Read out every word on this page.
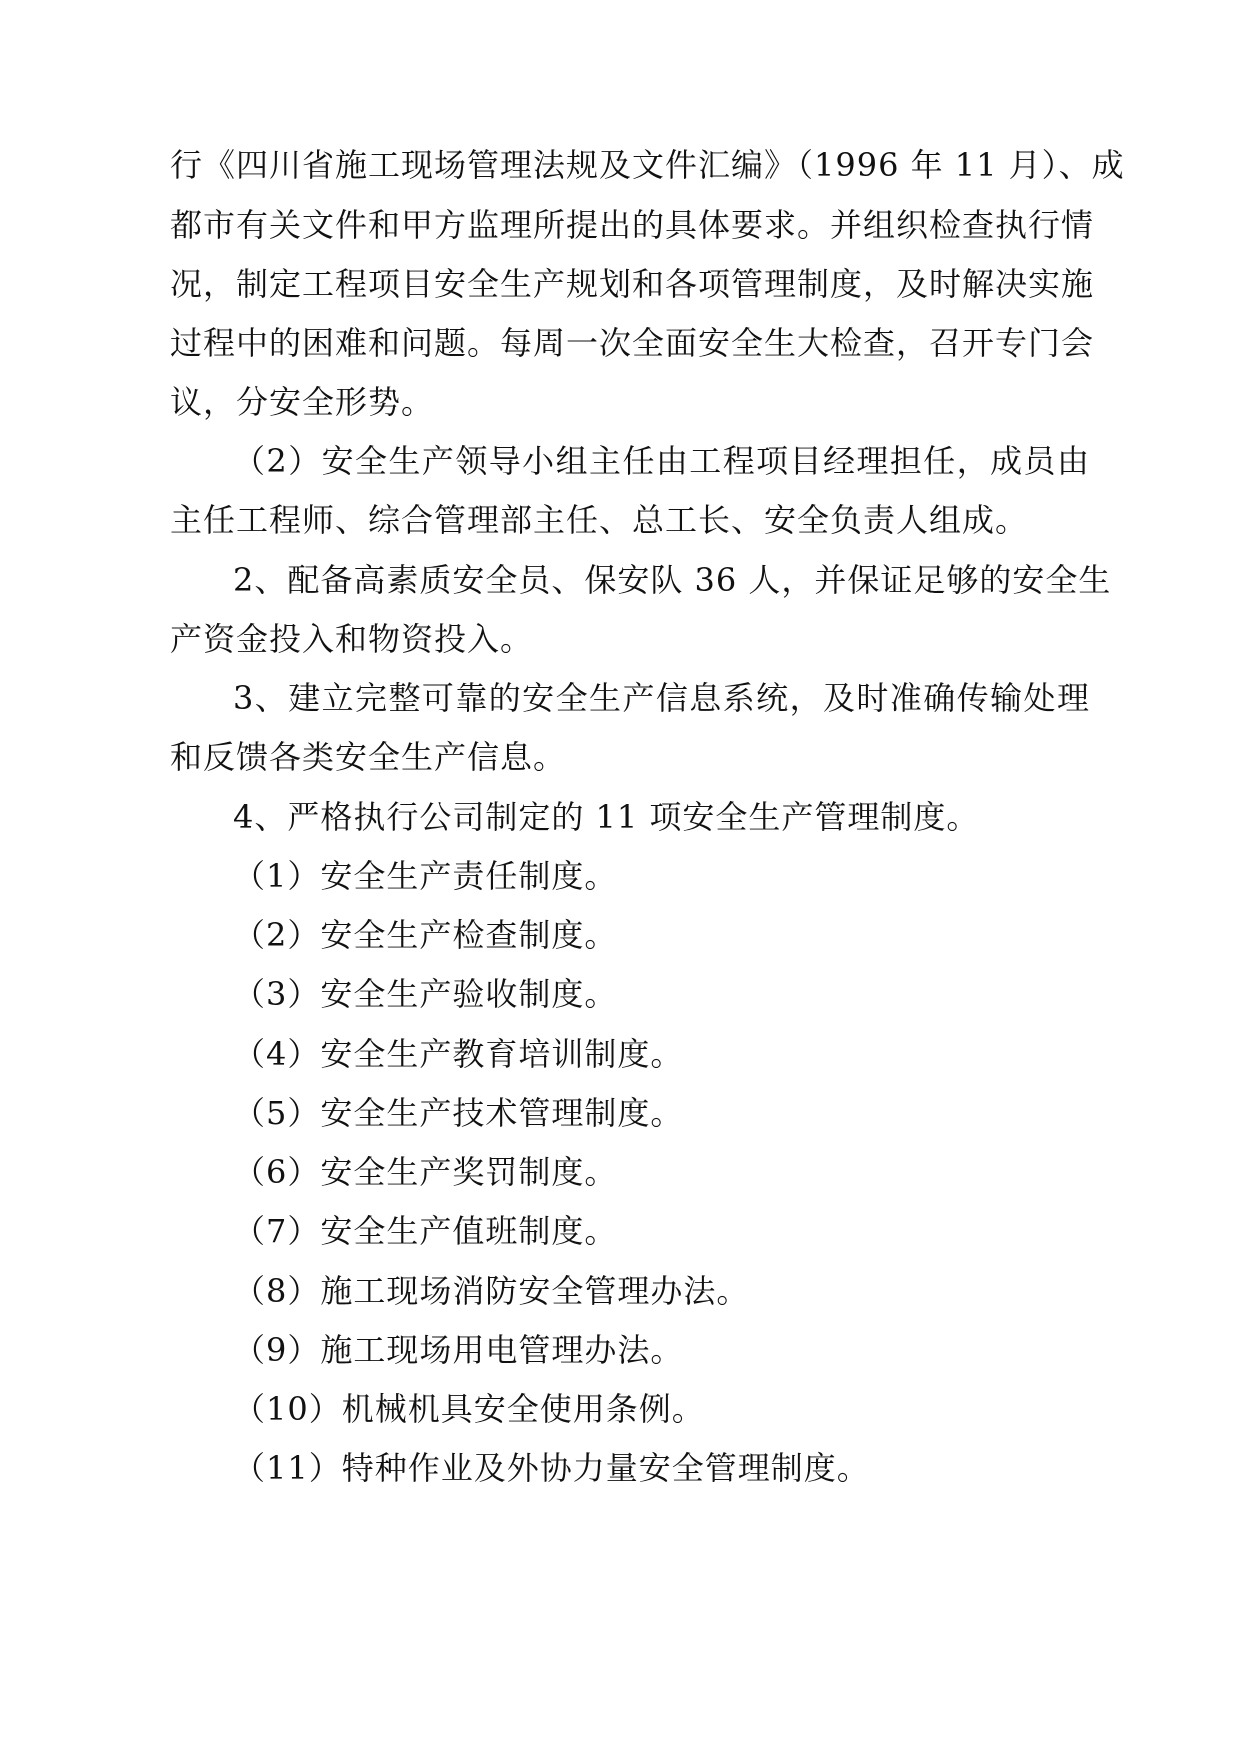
行《四川省施工现场管理法规及文件汇编》（1996 年 11 月）、成
都市有关文件和甲方监理所提出的具体要求。并组织检查执行情
况，制定工程项目安全生产规划和各项管理制度，及时解决实施
过程中的困难和问题。每周一次全面安全生大检查，召开专门会
议，分安全形势。
（2）安全生产领导小组主任由工程项目经理担任，成员由
主任工程师、综合管理部主任、总工长、安全负责人组成。
2、配备高素质安全员、保安队 36 人，并保证足够的安全生
产资金投入和物资投入。
3、建立完整可靠的安全生产信息系统，及时准确传输处理
和反馈各类安全生产信息。
4、严格执行公司制定的 11 项安全生产管理制度。
（1）安全生产责任制度。
（2）安全生产检查制度。
（3）安全生产验收制度。
（4）安全生产教育培训制度。
（5）安全生产技术管理制度。
（6）安全生产奖罚制度。
（7）安全生产值班制度。
（8）施工现场消防安全管理办法。
（9）施工现场用电管理办法。
（10）机械机具安全使用条例。
（11）特种作业及外协力量安全管理制度。
